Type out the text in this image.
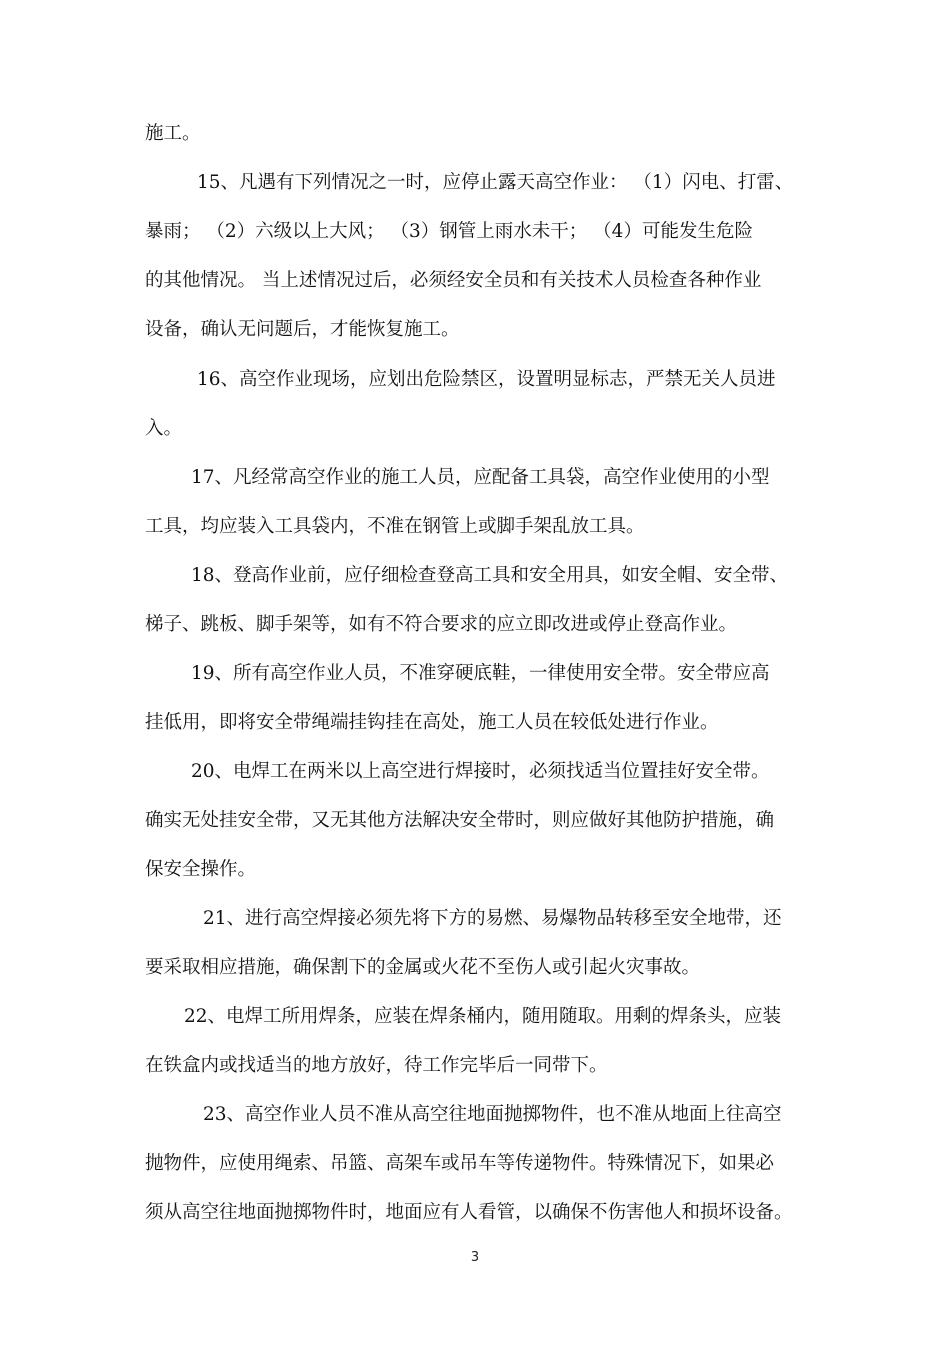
施工。
15、凡遇有下列情况之一时，应停止露天高空作业： （1）闪电、打雷、
暴雨； （2）六级以上大风； （3）钢管上雨水未干； （4）可能发生危险
的其他情况。 当上述情况过后，必须经安全员和有关技术人员检查各种作业
设备，确认无问题后，才能恢复施工。
16、高空作业现场，应划出危险禁区，设置明显标志，严禁无关人员进
入。
17、凡经常高空作业的施工人员，应配备工具袋，高空作业使用的小型
工具，均应装入工具袋内，不准在钢管上或脚手架乱放工具。
18、登高作业前，应仔细检查登高工具和安全用具，如安全帽、安全带、
梯子、跳板、脚手架等，如有不符合要求的应立即改进或停止登高作业。
19、所有高空作业人员，不准穿硬底鞋，一律使用安全带。安全带应高
挂低用，即将安全带绳端挂钩挂在高处，施工人员在较低处进行作业。
20、电焊工在两米以上高空进行焊接时，必须找适当位置挂好安全带。
确实无处挂安全带，又无其他方法解决安全带时，则应做好其他防护措施，确
保安全操作。
21、进行高空焊接必须先将下方的易燃、易爆物品转移至安全地带，还
要采取相应措施，确保割下的金属或火花不至伤人或引起火灾事故。
22、电焊工所用焊条，应装在焊条桶内，随用随取。用剩的焊条头，应装
在铁盒内或找适当的地方放好，待工作完毕后一同带下。
23、高空作业人员不准从高空往地面抛掷物件，也不准从地面上往高空
抛物件，应使用绳索、吊篮、高架车或吊车等传递物件。特殊情况下，如果必
须从高空往地面抛掷物件时，地面应有人看管，以确保不伤害他人和损坏设备。
3
